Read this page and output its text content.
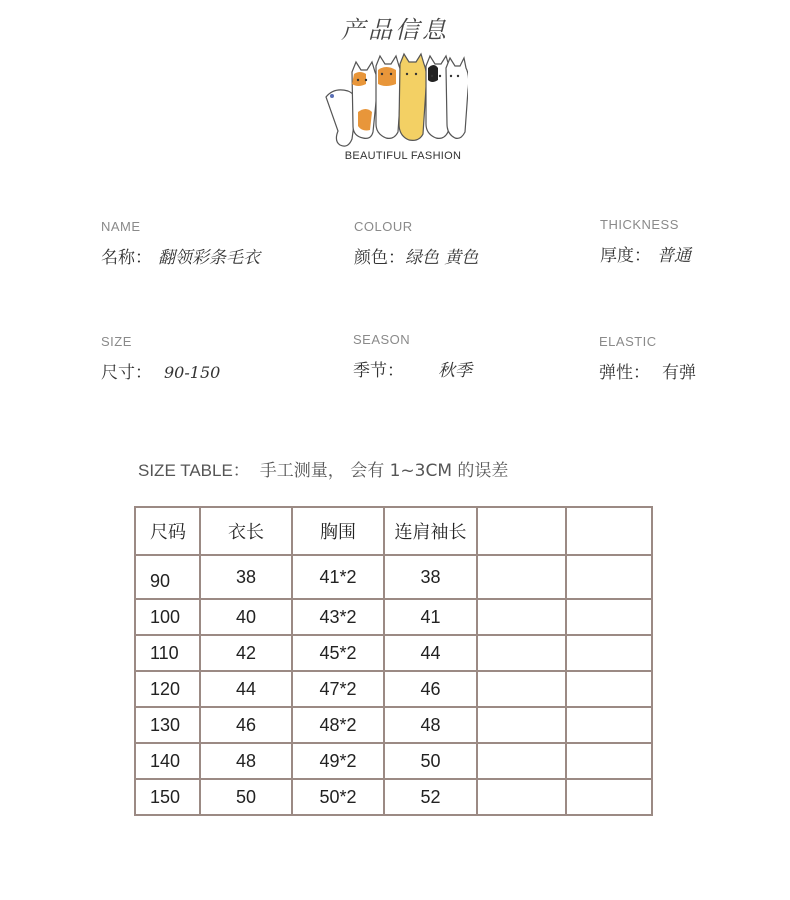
产品信息
BEAUTIFUL FASHION
NAME
名称： 翻领彩条毛衣
COLOUR
颜色：绿色 黄色
THICKNESS
厚度： 普通
SIZE
尺寸： 90-150
SEASON
季节： 秋季
ELASTIC
弹性： 有弹
SIZE TABLE： 手工测量， 会有 1~3CM 的误差
尺码	衣长	胸围	连肩袖长		
90	38	41*2	38		
100	40	43*2	41		
110	42	45*2	44		
120	44	47*2	46		
130	46	48*2	48		
140	48	49*2	50		
150	50	50*2	52		
